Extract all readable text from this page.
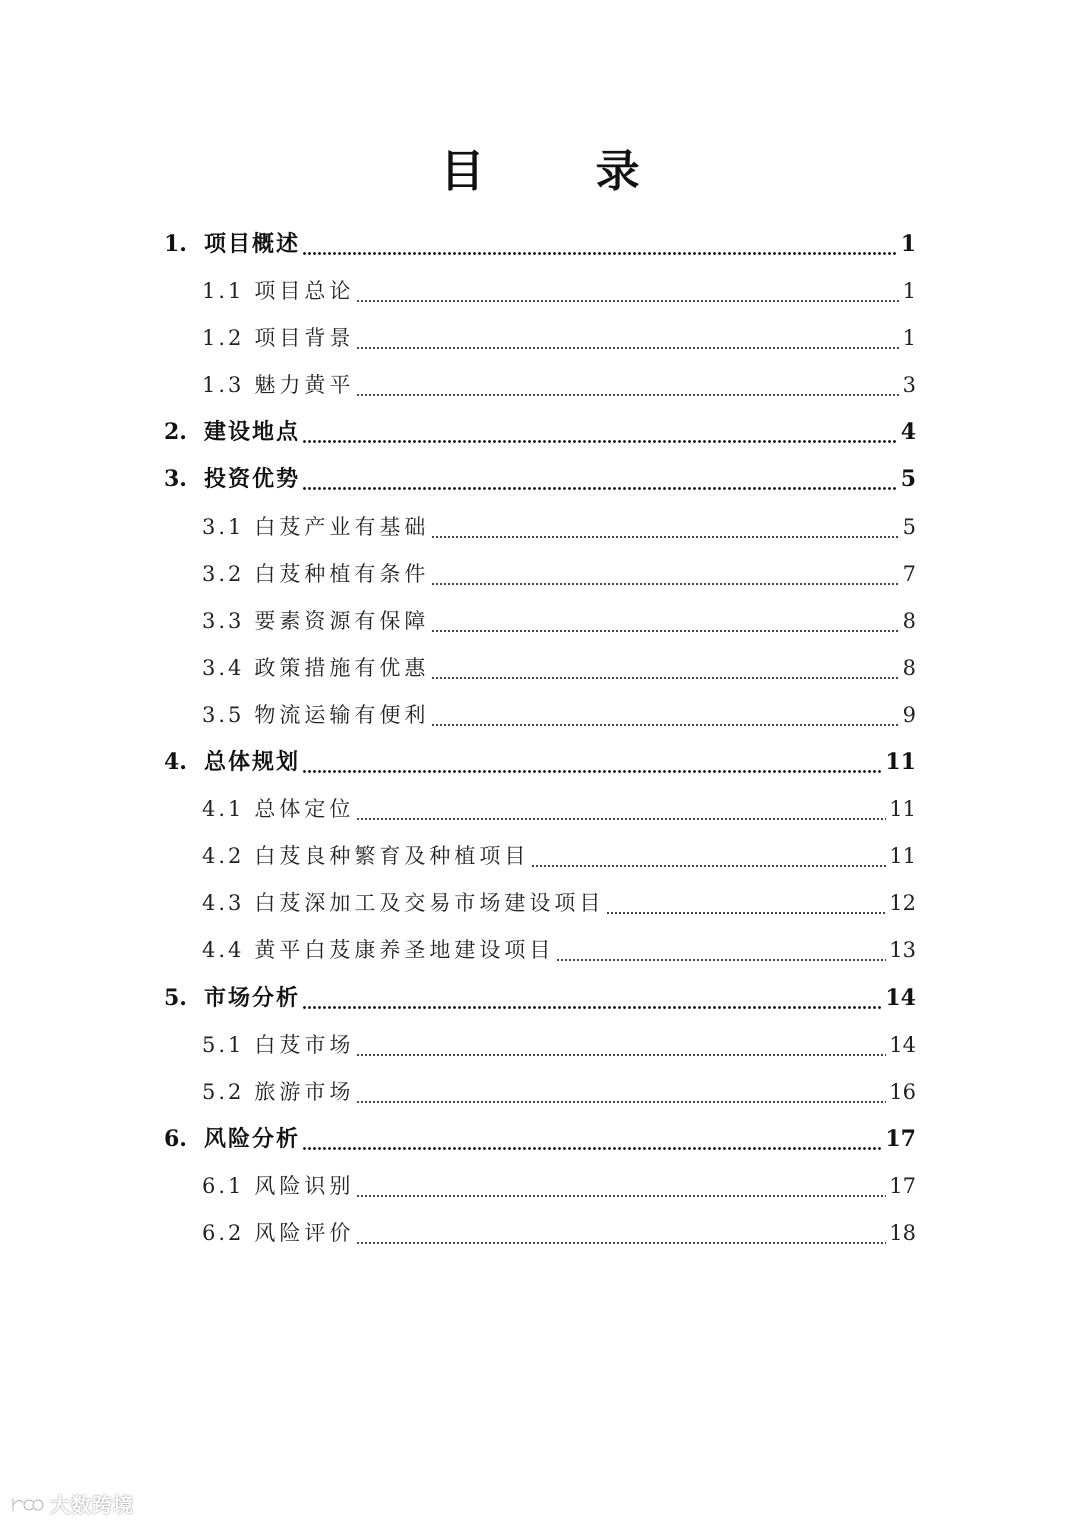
目 录
1. 项目概述	1
1.1 项目总论	1
1.2 项目背景	1
1.3 魅力黄平	3
2. 建设地点	4
3. 投资优势	5
3.1 白芨产业有基础	5
3.2 白芨种植有条件	7
3.3 要素资源有保障	8
3.4 政策措施有优惠	8
3.5 物流运输有便利	9
4. 总体规划	11
4.1 总体定位	11
4.2 白芨良种繁育及种植项目	11
4.3 白芨深加工及交易市场建设项目	12
4.4 黄平白芨康养圣地建设项目	13
5. 市场分析	14
5.1 白芨市场	14
5.2 旅游市场	16
6. 风险分析	17
6.1 风险识别	17
6.2 风险评价	18
大数跨境
